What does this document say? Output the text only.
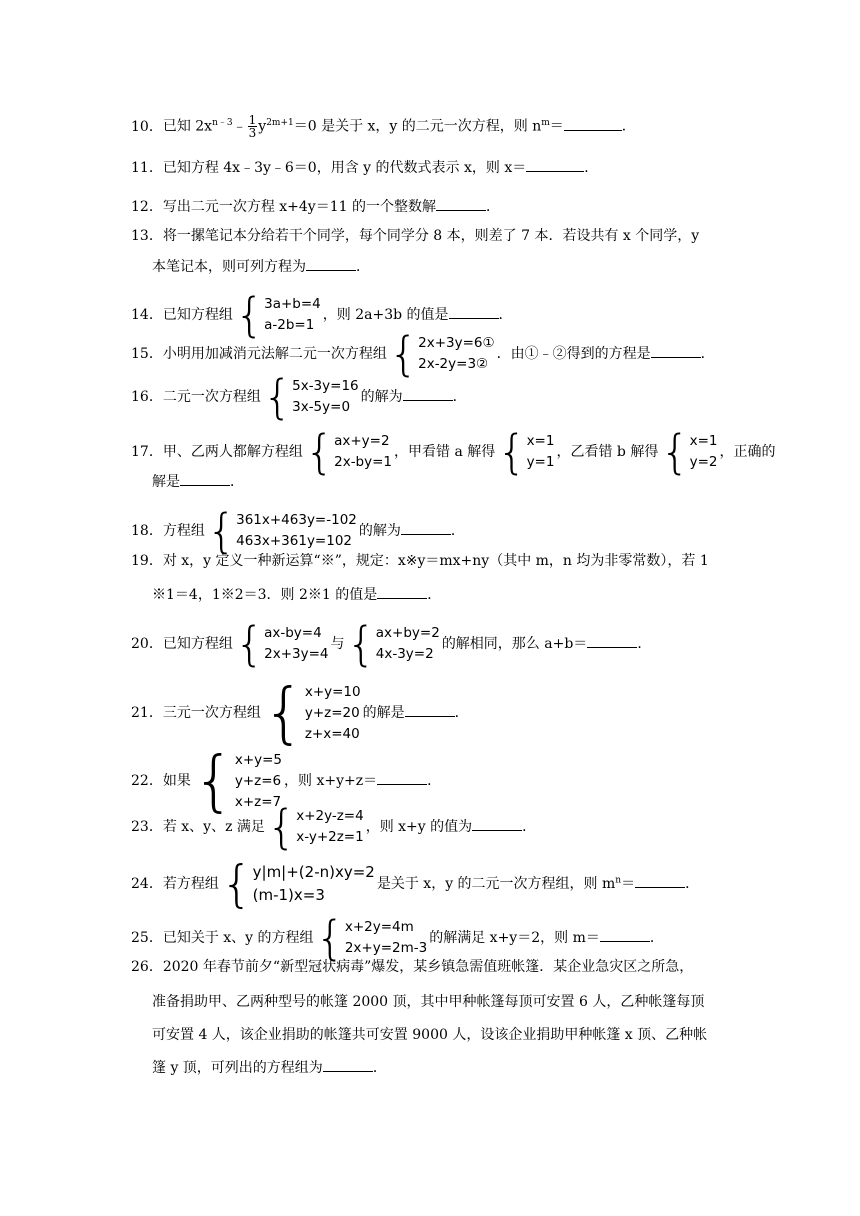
10．已知 $2x^{n﹣3}﹣ \frac{1}{3} y^{2m+1}=0$ 是关于 x，y 的二元一次方程，则 $n^m=$	．
11．已知方程 4x﹣3y﹣6＝0，用含 y 的代数式表示 x，则 x＝	．
12．写出二元一次方程 x+4y＝11 的一个整数解	．
13．将一摞笔记本分给若干个同学，每个同学分 8 本，则差了 7 本．若设共有 x 个同学，y
本笔记本，则可列方程为	．
14．已知方程组 { 3a+b=4
a-2b=1
，则 2a+3b 的值是	．
15．小明用加减消元法解二元一次方程组 { 2x+3y=6①
2x-2y=3②
．由①﹣②得到的方程是	．
16．二元一次方程组 { 5x-3y=16
3x-5y=0
的解为	．
17．甲、乙两人都解方程组 { ax+y=2
2x-by=1
，甲看错 a 解得 { x=1
y=1
，乙看错 b 解得 { x=1
y=2
，正确的
解是	．
18．方程组 { 361x+463y=-102
463x+361y=102
的解为	．
19．对 x，y 定义一种新运算“※”，规定：x※y＝mx+ny（其中 m，n 均为非零常数），若 1
※1＝4，1※2＝3．则 2※1 的值是	．
20．已知方程组 { ax-by=4
2x+3y=4
与 { ax+by=2
4x-3y=2
的解相同，那么 a+b＝	．
21．三元一次方程组 { x+y=10
y+z=20
z+x=40
的解是	．
22．如果 { x+y=5
y+z=6
x+z=7
，则 x+y+z＝	．
23．若 x、y、z 满足 { x+2y-z=4
x-y+2z=1
，则 x+y 的值为	．
24．若方程组 { y|m|+(2-n)xy=2
(m-1)x=3
是关于 x，y 的二元一次方程组，则 $m^n=$	．
25．已知关于 x、y 的方程组 { x+2y=4m
2x+y=2m-3
的解满足 x+y＝2，则 m＝	．
26．2020 年春节前夕“新型冠状病毒”爆发，某乡镇急需值班帐篷．某企业急灾区之所急，
准备捐助甲、乙两种型号的帐篷 2000 顶，其中甲种帐篷每顶可安置 6 人，乙种帐篷每顶
可安置 4 人，该企业捐助的帐篷共可安置 9000 人，设该企业捐助甲种帐篷 x 顶、乙种帐
篷 y 顶，可列出的方程组为	．
